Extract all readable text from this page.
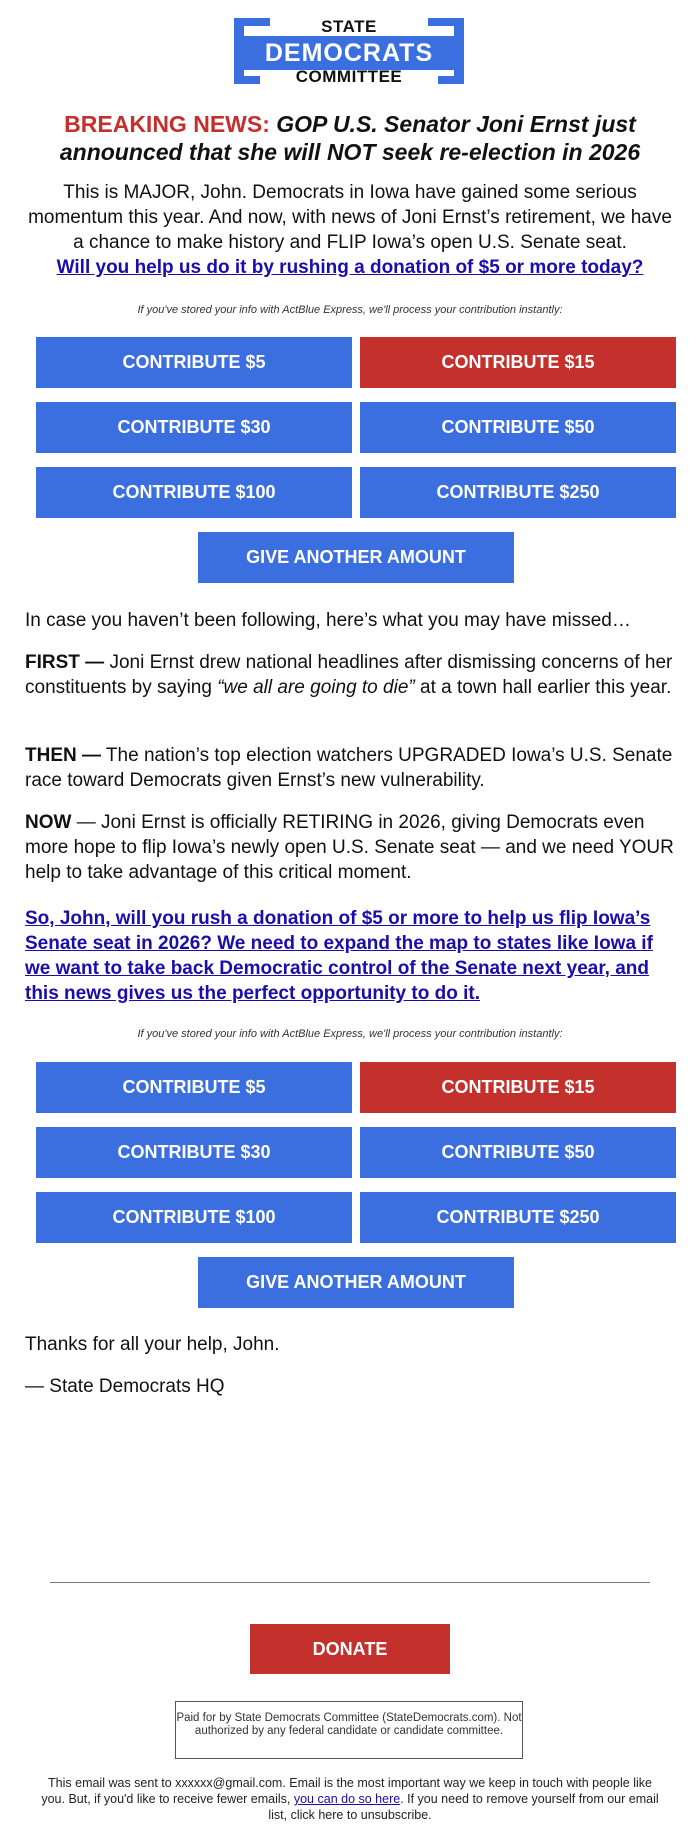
STATE
DEMOCRATS
COMMITTEE
BREAKING NEWS: GOP U.S. Senator Joni Ernst just announced that she will NOT seek re-election in 2026
This is MAJOR, John. Democrats in Iowa have gained some serious momentum this year. And now, with news of Joni Ernst’s retirement, we have a chance to make history and FLIP Iowa’s open U.S. Senate seat.
Will you help us do it by rushing a donation of $5 or more today?
If you've stored your info with ActBlue Express, we'll process your contribution instantly:
CONTRIBUTE $5	CONTRIBUTE $15
CONTRIBUTE $30	CONTRIBUTE $50
CONTRIBUTE $100	CONTRIBUTE $250
GIVE ANOTHER AMOUNT
In case you haven’t been following, here’s what you may have missed…
FIRST — Joni Ernst drew national headlines after dismissing concerns of her constituents by saying “we all are going to die” at a town hall earlier this year.
THEN — The nation’s top election watchers UPGRADED Iowa’s U.S. Senate race toward Democrats given Ernst’s new vulnerability.
NOW — Joni Ernst is officially RETIRING in 2026, giving Democrats even more hope to flip Iowa’s newly open U.S. Senate seat — and we need YOUR help to take advantage of this critical moment.
So, John, will you rush a donation of $5 or more to help us flip Iowa’s Senate seat in 2026? We need to expand the map to states like Iowa if we want to take back Democratic control of the Senate next year, and this news gives us the perfect opportunity to do it.
If you've stored your info with ActBlue Express, we'll process your contribution instantly:
CONTRIBUTE $5	CONTRIBUTE $15
CONTRIBUTE $30	CONTRIBUTE $50
CONTRIBUTE $100	CONTRIBUTE $250
GIVE ANOTHER AMOUNT
Thanks for all your help, John.
— State Democrats HQ
DONATE
Paid for by State Democrats Committee (StateDemocrats.com). Not authorized by any federal candidate or candidate committee.
This email was sent to xxxxxx@gmail.com. Email is the most important way we keep in touch with people like you. But, if you'd like to receive fewer emails, you can do so here. If you need to remove yourself from our email list, click here to unsubscribe.
